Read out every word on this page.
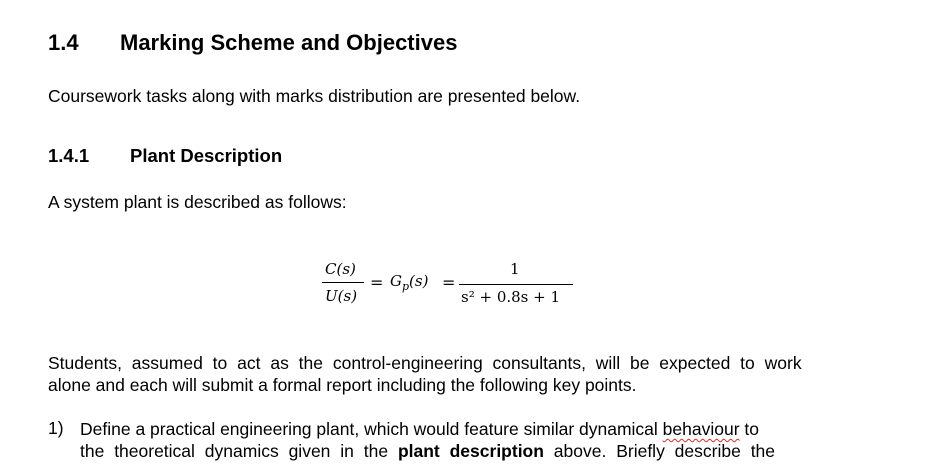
1.4 Marking Scheme and Objectives
Coursework tasks along with marks distribution are presented below.
1.4.1 Plant Description
A system plant is described as follows:
C(s)
U(s)
= $G_p(s)$ =
1
s² + 0.8s + 1
Students, assumed to act as the control-engineering consultants, will be expected to work
alone and each will submit a formal report including the following key points.
1) Define a practical engineering plant, which would feature similar dynamical behaviour to
the theoretical dynamics given in the plant description above. Briefly describe the
